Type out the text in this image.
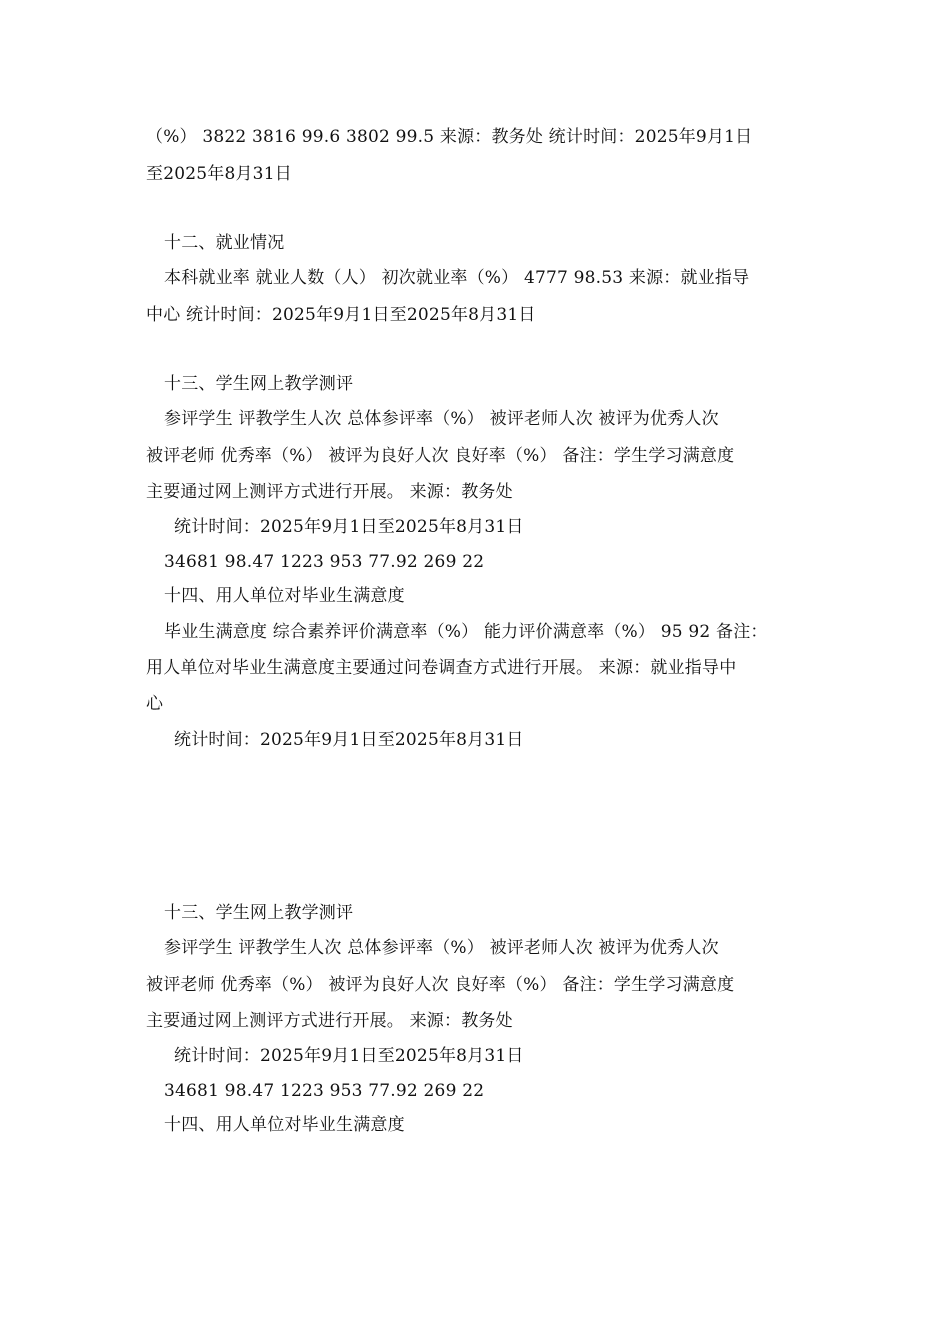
（%） 3822 3816 99.6 3802 99.5 来源：教务处 统计时间：2025年9月1日
至2025年8月31日
十二、就业情况
本科就业率 就业人数（人） 初次就业率（%） 4777 98.53 来源：就业指导
中心 统计时间：2025年9月1日至2025年8月31日
十三、学生网上教学测评
参评学生 评教学生人次 总体参评率（%） 被评老师人次 被评为优秀人次
被评老师 优秀率（%） 被评为良好人次 良好率（%） 备注：学生学习满意度
主要通过网上测评方式进行开展。 来源：教务处
统计时间：2025年9月1日至2025年8月31日
34681 98.47 1223 953 77.92 269 22
十四、用人单位对毕业生满意度
毕业生满意度 综合素养评价满意率（%） 能力评价满意率（%） 95 92 备注：
用人单位对毕业生满意度主要通过问卷调查方式进行开展。 来源：就业指导中
心
统计时间：2025年9月1日至2025年8月31日
十三、学生网上教学测评
参评学生 评教学生人次 总体参评率（%） 被评老师人次 被评为优秀人次
被评老师 优秀率（%） 被评为良好人次 良好率（%） 备注：学生学习满意度
主要通过网上测评方式进行开展。 来源：教务处
统计时间：2025年9月1日至2025年8月31日
34681 98.47 1223 953 77.92 269 22
十四、用人单位对毕业生满意度
